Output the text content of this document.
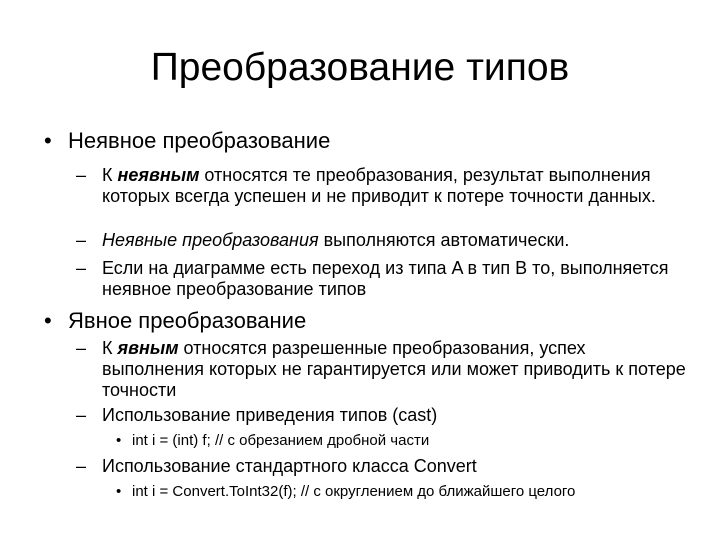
Преобразование типов
• Неявное преобразование
– К неявным относятся те преобразования, результат выполнения которых всегда успешен и не приводит к потере точности данных.
– Неявные преобразования выполняются автоматически.
– Если на диаграмме есть переход из типа A в тип B то, выполняется неявное преобразование типов
• Явное преобразование
– К явным относятся разрешенные преобразования, успех выполнения которых не гарантируется или может приводить к потере точности
– Использование приведения типов (cast)
• int i = (int) f; // с обрезанием дробной части
– Использование стандартного класса Convert
• int i = Convert.ToInt32(f); // с округлением до ближайшего целого
